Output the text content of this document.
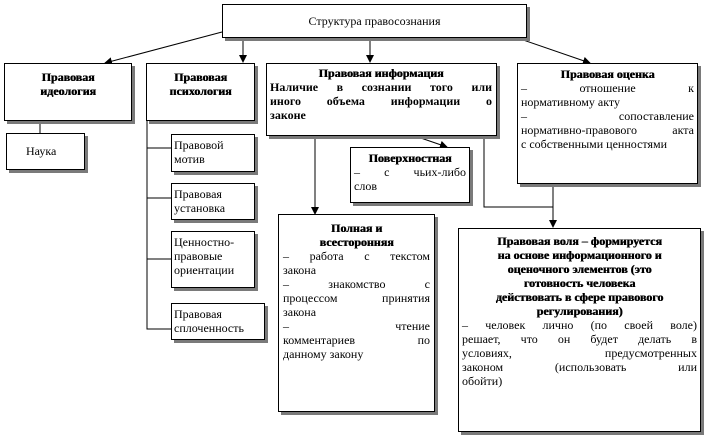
Структура правосознания
Правовая
идеология
Наука
Правовая
психология
Правовой
мотив
Правовая
установка
Ценностно-
правовые
ориентации
Правовая
сплоченность
Правовая информация
Наличие в сознании того или
иного объема информации о
законе
Поверхностная
– с чьих-либо
слов
Полная и
всесторонняя
– работа с текстом
закона
– знакомство с
процессом принятия
закона
– чтение
комментариев по
данному закону
Правовая оценка
– отношение к
нормативному акту
– сопоставление
нормативно-правового акта
с собственными ценностями
Правовая воля – формируется
на основе информационного и
оценочного элементов (это
готовность человека
действовать в сфере правового
регулирования)
– человек лично (по своей воле)
решает, что он будет делать в
условиях, предусмотренных
законом (использовать или
обойти)
